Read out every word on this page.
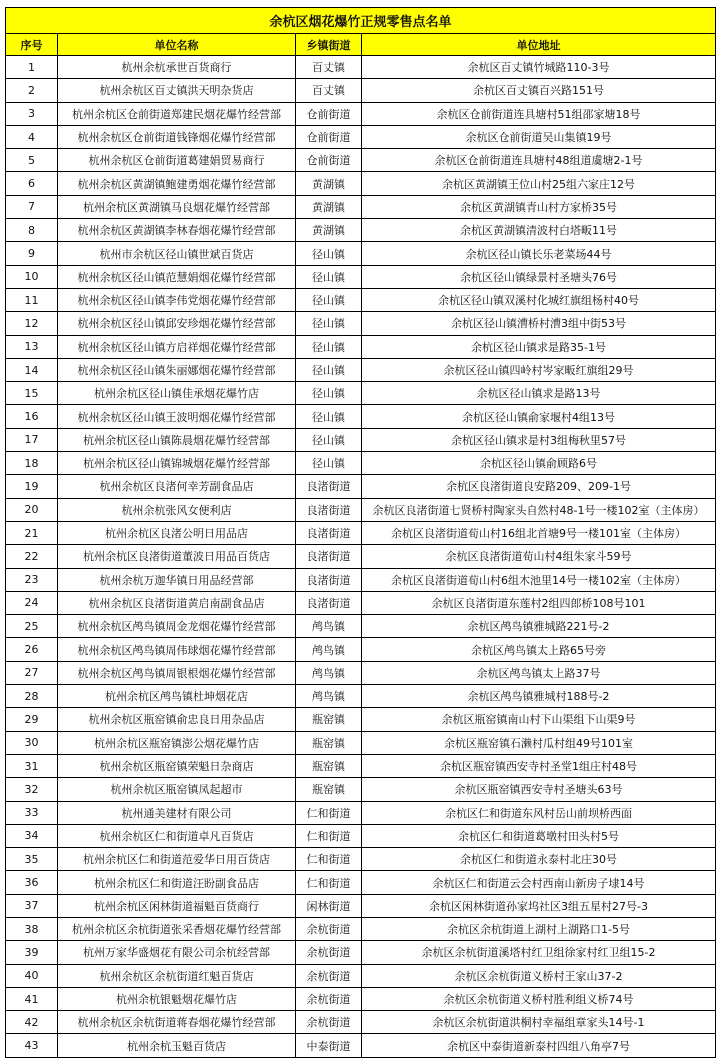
余杭区烟花爆竹正规零售点名单			
序号	单位名称	乡镇街道	单位地址
1	杭州余杭承世百货商行	百丈镇	余杭区百丈镇竹城路110-3号
2	杭州余杭区百丈镇洪天明杂货店	百丈镇	余杭区百丈镇百兴路151号
3	杭州余杭区仓前街道郑建民烟花爆竹经营部	仓前街道	余杭区仓前街道连具塘村51组邵家塘18号
4	杭州余杭区仓前街道钱锋烟花爆竹经营部	仓前街道	余杭区仓前街道吴山集镇19号
5	杭州余杭区仓前街道葛建娟贸易商行	仓前街道	余杭区仓前街道连具塘村48组道虞塘2-1号
6	杭州余杭区黄湖镇鲍建勇烟花爆竹经营部	黄湖镇	余杭区黄湖镇王位山村25组六家庄12号
7	杭州余杭区黄湖镇马良烟花爆竹经营部	黄湖镇	余杭区黄湖镇青山村方家桥35号
8	杭州余杭区黄湖镇李林春烟花爆竹经营部	黄湖镇	余杭区黄湖镇清波村白塔畈11号
9	杭州市余杭区径山镇世斌百货店	径山镇	余杭区径山镇长乐老菜场44号
10	杭州余杭区径山镇范慧娟烟花爆竹经营部	径山镇	余杭区径山镇绿景村圣塘头76号
11	杭州余杭区径山镇李伟党烟花爆竹经营部	径山镇	余杭区径山镇双溪村化城红旗组杨村40号
12	杭州余杭区径山镇邱安珍烟花爆竹经营部	径山镇	余杭区径山镇漕桥村漕3组中街53号
13	杭州余杭区径山镇方启祥烟花爆竹经营部	径山镇	余杭区径山镇求是路35-1号
14	杭州余杭区径山镇朱丽娜烟花爆竹经营部	径山镇	余杭区径山镇四岭村岑家畈红旗组29号
15	杭州余杭区径山镇佳承烟花爆竹店	径山镇	余杭区径山镇求是路13号
16	杭州余杭区径山镇王波明烟花爆竹经营部	径山镇	余杭区径山镇俞家堰村4组13号
17	杭州余杭区径山镇陈晨烟花爆竹经营部	径山镇	余杭区径山镇求是村3组梅秋里57号
18	杭州余杭区径山镇锦城烟花爆竹经营部	径山镇	余杭区径山镇俞顾路6号
19	杭州余杭区良渚何幸芳副食品店	良渚街道	余杭区良渚街道良安路209、209-1号
20	杭州余杭张风女便利店	良渚街道	余杭区良渚街道七贤桥村陶家头自然村48-1号一楼102室（主体房）
21	杭州余杭区良渚公明日用品店	良渚街道	余杭区良渚街道荀山村16组北首塘9号一楼101室（主体房）
22	杭州余杭区良渚街道董波日用品百货店	良渚街道	余杭区良渚街道荀山村4组朱家斗59号
23	杭州余杭万迦华镇日用品经营部	良渚街道	余杭区良渚街道荀山村6组木池里14号一楼102室（主体房）
24	杭州余杭区良渚街道黄启南副食品店	良渚街道	余杭区良渚街道东莲村2组四郎桥108号101
25	杭州余杭区鸬鸟镇周金龙烟花爆竹经营部	鸬鸟镇	余杭区鸬鸟镇雅城路221号-2
26	杭州余杭区鸬鸟镇周伟球烟花爆竹经营部	鸬鸟镇	余杭区鸬鸟镇太上路65号旁
27	杭州余杭区鸬鸟镇周银根烟花爆竹经营部	鸬鸟镇	余杭区鸬鸟镇太上路37号
28	杭州余杭区鸬鸟镇杜坤烟花店	鸬鸟镇	余杭区鸬鸟镇雅城村188号-2
29	杭州余杭区瓶窑镇俞忠良日用杂品店	瓶窑镇	余杭区瓶窑镇南山村下山渠组下山渠9号
30	杭州余杭区瓶窑镇澎公烟花爆竹店	瓶窑镇	余杭区瓶窑镇石濑村瓜村组49号101室
31	杭州余杭区瓶窑镇荣魁日杂商店	瓶窑镇	余杭区瓶窑镇西安寺村圣堂1组庄村48号
32	杭州余杭区瓶窑镇凤起超市	瓶窑镇	余杭区瓶窑镇西安寺村圣塘头63号
33	杭州通美建材有限公司	仁和街道	余杭区仁和街道东风村岳山前坝桥西面
34	杭州余杭区仁和街道卓凡百货店	仁和街道	余杭区仁和街道葛墩村田头村5号
35	杭州余杭区仁和街道范爱华日用百货店	仁和街道	余杭区仁和街道永泰村北庄30号
36	杭州余杭区仁和街道汪盼副食品店	仁和街道	余杭区仁和街道云会村西南山新房子埭14号
37	杭州余杭区闲林街道福魁百货商行	闲林街道	余杭区闲林街道孙家坞社区3组五星村27号-3
38	杭州余杭区余杭街道张采香烟花爆竹经营部	余杭街道	余杭区余杭街道上湖村上湖路口1-5号
39	杭州万家华盛烟花有限公司余杭经营部	余杭街道	余杭区余杭街道溪塔村红卫组徐家村红卫组15-2
40	杭州余杭区余杭街道红魁百货店	余杭街道	余杭区余杭街道义桥村王家山37-2
41	杭州余杭银魁烟花爆竹店	余杭街道	余杭区余杭街道义桥村胜利组义桥74号
42	杭州余杭区余杭街道蒋春烟花爆竹经营部	余杭街道	余杭区余杭街道洪桐村幸福组章家头14号-1
43	杭州余杭玉魁百货店	中泰街道	余杭区中泰街道新泰村四组八角亭7号
